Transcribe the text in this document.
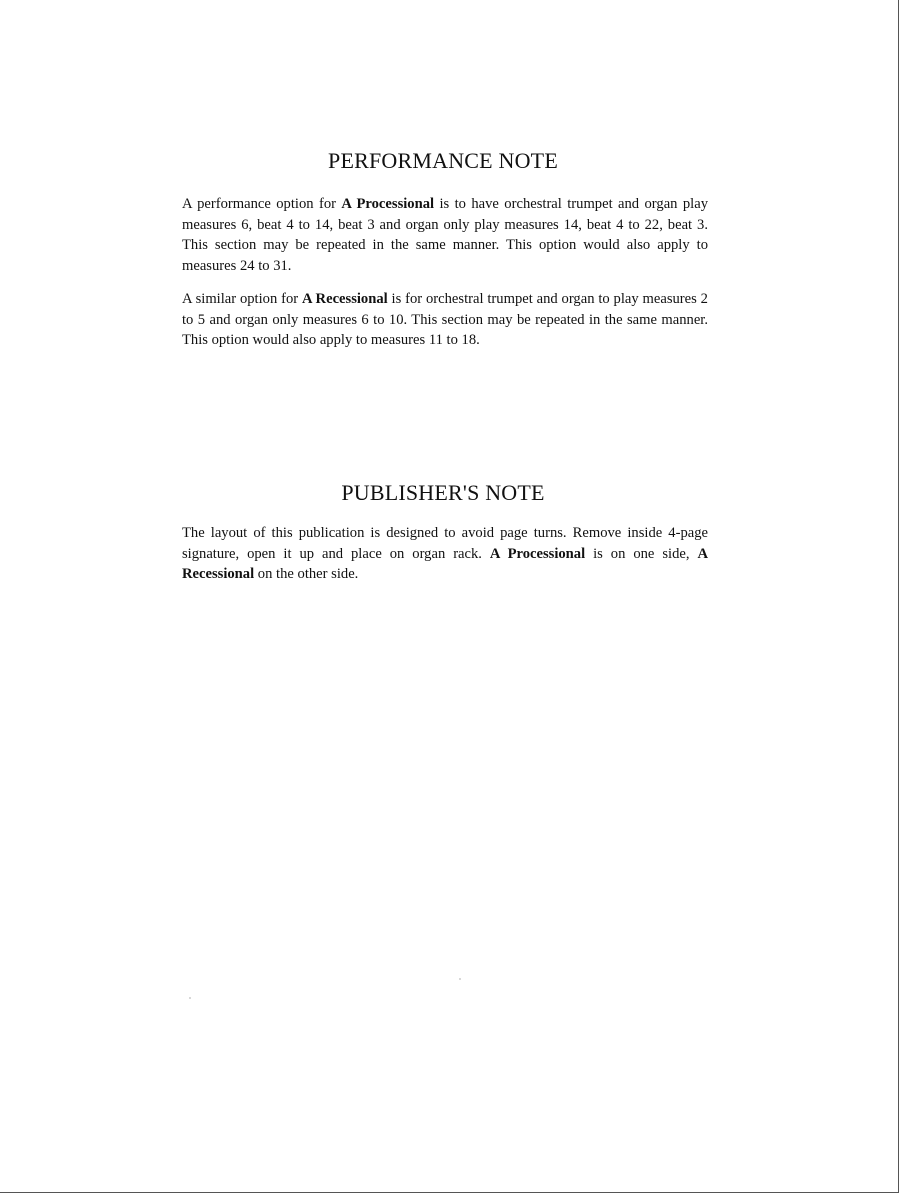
PERFORMANCE NOTE

A performance option for A Processional is to have orchestral trumpet and organ play measures 6, beat 4 to 14, beat 3 and organ only play measures 14, beat 4 to 22, beat 3. This section may be repeated in the same manner. This option would also apply to measures 24 to 31.

A similar option for A Recessional is for orchestral trumpet and organ to play measures 2 to 5 and organ only measures 6 to 10. This section may be repeated in the same manner. This option would also apply to measures 11 to 18.

PUBLISHER'S NOTE

The layout of this publication is designed to avoid page turns. Remove inside 4-page signature, open it up and place on organ rack. A Processional is on one side, A Recessional on the other side.
